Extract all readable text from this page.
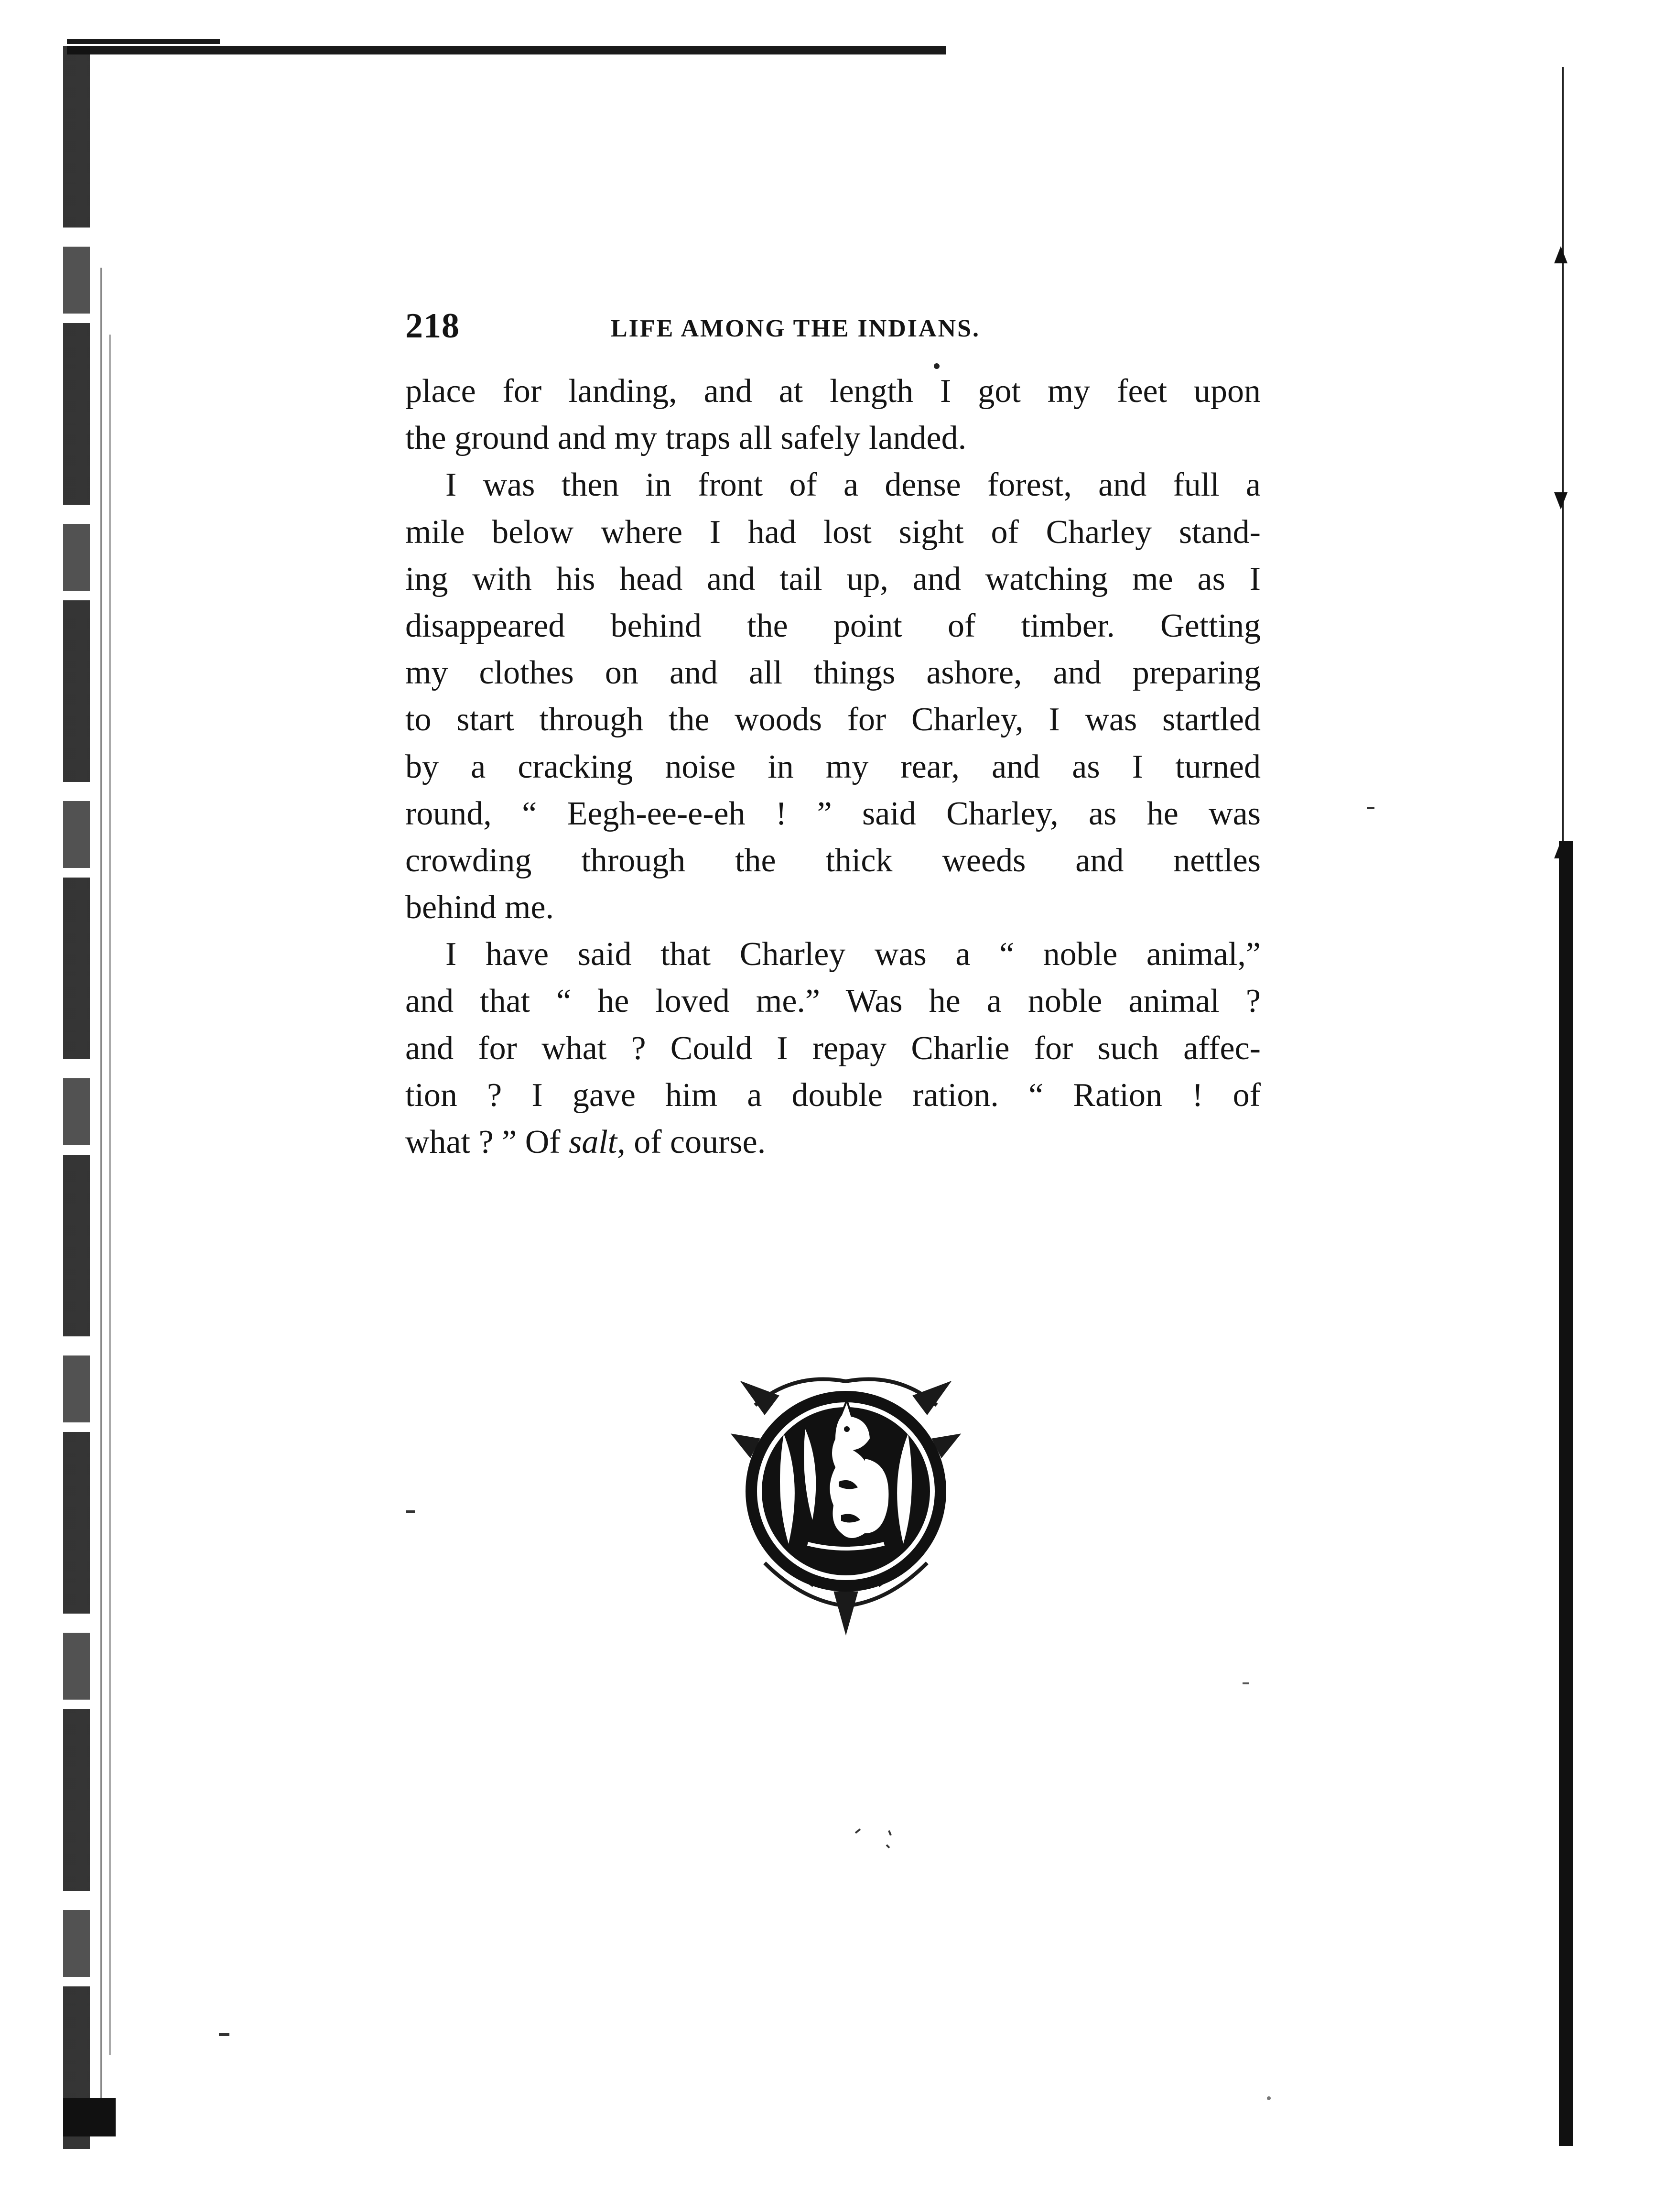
218	LIFE AMONG THE INDIANS.
place for landing, and at length I got my feet upon
the ground and my traps all safely landed.
I was then in front of a dense forest, and full a
mile below where I had lost sight of Charley stand-
ing with his head and tail up, and watching me as I
disappeared behind the point of timber. Getting
my clothes on and all things ashore, and preparing
to start through the woods for Charley, I was startled
by a cracking noise in my rear, and as I turned
round, “ Eegh-ee-e-eh ! ” said Charley, as he was
crowding through the thick weeds and nettles
behind me.
I have said that Charley was a “ noble animal,”
and that “ he loved me.” Was he a noble animal ?
and for what ? Could I repay Charlie for such affec-
tion ? I gave him a double ration. “ Ration ! of
what ? ” Of salt, of course.
